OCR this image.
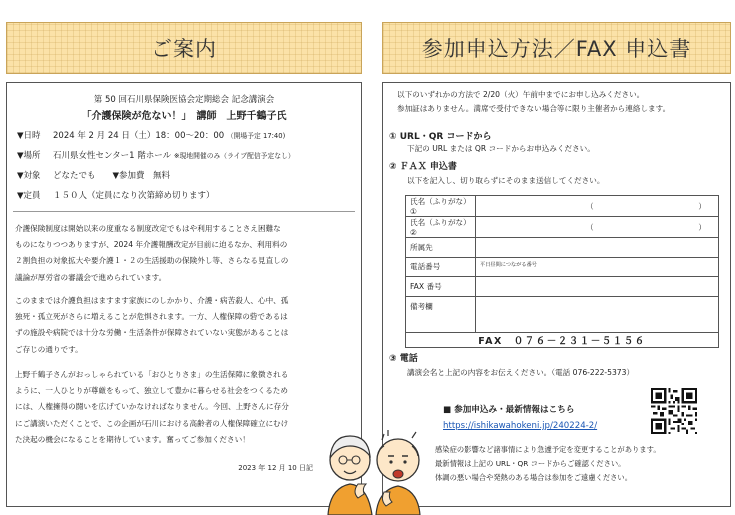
ご案内
第 50 回石川県保険医協会定期総会 記念講演会
「介護保険が危ない！」　講師　上野千鶴子氏
▼日時 2024 年 2 月 24 日（土）18：00～20：00 （開場予定 17:40)
▼場所 石川県女性センター1 階ホール ※現地開催のみ（ライブ配信予定なし）
▼対象 どなたでも　　▼参加費　無料
▼定員 １５０人（定員になり次第締め切ります）
介護保険制度は開始以来の度重なる制度改定でもはや利用することさえ困難な
ものになりつつありますが、2024 年介護報酬改定が目前に迫るなか、利用料の
２割負担の対象拡大や要介護１・２の生活援助の保険外し等、さらなる見直しの
議論が厚労省の審議会で進められています。
このままでは介護負担はますます家族にのしかかり、介護・病苦殺人、心中、孤
独死・孤立死がさらに増えることが危惧されます。一方、人権保障の砦であるは
ずの施設や病院では十分な労働・生活条件が保障されていない実態があることは
ご存じの通りです。
上野千鶴子さんがおっしゃられている「おひとりさま」の生活保障に象徴される
ように、一人ひとりが尊厳をもって、独立して豊かに暮らせる社会をつくるため
には、人権擁得の闘いを広げていかなければなりません。今回、上野さんに存分
にご講演いただくことで、この企画が石川における高齢者の人権保障確立にむけ
た決起の機会になることを期待しています。奮ってご参加ください！
2023 年 12 月 10 日記
参加申込方法／FAX 申込書
以下のいずれかの方法で 2/20（火）午前中までにお申し込みください。
参加証はありません。満席で受付できない場合等に限り主催者から連絡します。
① URL・QR コードから
下記の URL または QR コードからお申込みください。
② ＦＡＸ 申込書
以下を記入し、切り取らずにそのまま送信してください。
氏名（ふりがな）①	（ ）

氏名（ふりがな）②	（ ）

所属先	
電話番号	平日昼間につながる番号

FAX 番号	
備考欄	
FAX　０７６－２３１－５１５６	
③ 電話
講演会名と上記の内容をお伝えください。（電話 076-222-5373）
■ 参加申込み・最新情報はこちら
https://ishikawahokeni.jp/240224-2/
感染症の影響など諸事情により急遽予定を変更することがあります。
最新情報は上記の URL・QR コードからご確認ください。
体調の悪い場合や発熱のある場合は参加をご遠慮ください。
